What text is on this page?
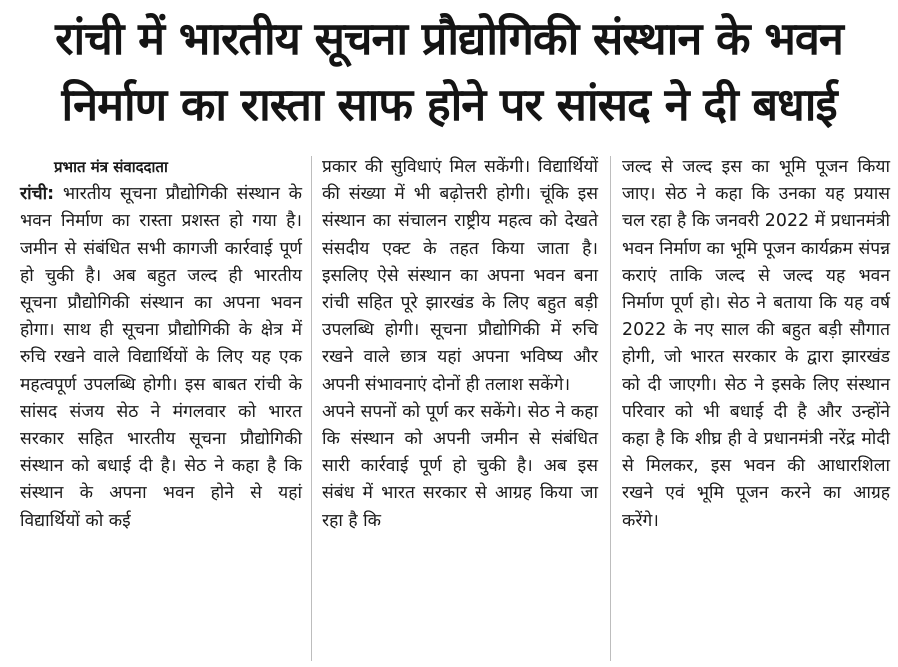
रांची में भारतीय सूचना प्रौद्योगिकी संस्थान के भवन
निर्माण का रास्ता साफ होने पर सांसद ने दी बधाई
प्रभात मंत्र संवाददाता

रांची: भारतीय सूचना प्रौद्योगिकी संस्थान के भवन निर्माण का रास्ता प्रशस्त हो गया है। जमीन से संबंधित सभी कागजी कार्रवाई पूर्ण हो चुकी है। अब बहुत जल्द ही भारतीय सूचना प्रौद्योगिकी संस्थान का अपना भवन होगा। साथ ही सूचना प्रौद्योगिकी के क्षेत्र में रुचि रखने वाले विद्यार्थियों के लिए यह एक महत्वपूर्ण उपलब्धि होगी। इस बाबत रांची के सांसद संजय सेठ ने मंगलवार को भारत सरकार सहित भारतीय सूचना प्रौद्योगिकी संस्थान को बधाई दी है। सेठ ने कहा है कि संस्थान के अपना भवन होने से यहां विद्यार्थियों को कई

प्रकार की सुविधाएं मिल सकेंगी। विद्यार्थियों की संख्या में भी बढ़ोत्तरी होगी। चूंकि इस संस्थान का संचालन राष्ट्रीय महत्व को देखते संसदीय एक्ट के तहत किया जाता है। इसलिए ऐसे संस्थान का अपना भवन बना रांची सहित पूरे झारखंड के लिए बहुत बड़ी उपलब्धि होगी। सूचना प्रौद्योगिकी में रुचि रखने वाले छात्र यहां अपना भविष्य और अपनी संभावनाएं दोनों ही तलाश सकेंगे।

अपने सपनों को पूर्ण कर सकेंगे। सेठ ने कहा कि संस्थान को अपनी जमीन से संबंधित सारी कार्रवाई पूर्ण हो चुकी है। अब इस संबंध में भारत सरकार से आग्रह किया जा रहा है कि

जल्द से जल्द इस का भूमि पूजन किया जाए। सेठ ने कहा कि उनका यह प्रयास चल रहा है कि जनवरी 2022 में प्रधानमंत्री भवन निर्माण का भूमि पूजन कार्यक्रम संपन्न कराएं ताकि जल्द से जल्द यह भवन निर्माण पूर्ण हो। सेठ ने बताया कि यह वर्ष 2022 के नए साल की बहुत बड़ी सौगात होगी, जो भारत सरकार के द्वारा झारखंड को दी जाएगी। सेठ ने इसके लिए संस्थान परिवार को भी बधाई दी है और उन्होंने कहा है कि शीघ्र ही वे प्रधानमंत्री नरेंद्र मोदी से मिलकर, इस भवन की आधारशिला रखने एवं भूमि पूजन करने का आग्रह करेंगे।
